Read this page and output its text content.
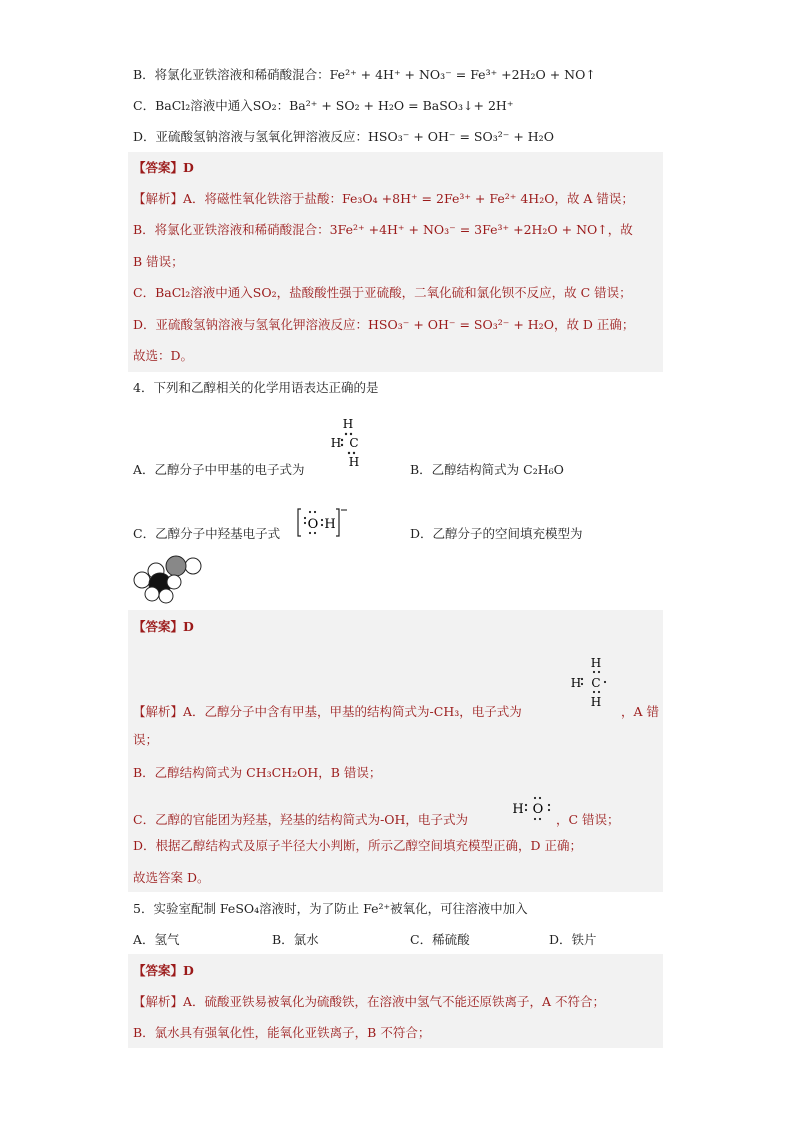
B．将氯化亚铁溶液和稀硝酸混合：Fe²⁺ + 4H⁺ + NO₃⁻ = Fe³⁺ +2H₂O + NO↑
C．BaCl₂溶液中通入SO₂：Ba²⁺ + SO₂ + H₂O = BaSO₃↓+ 2H⁺
D．亚硫酸氢钠溶液与氢氧化钾溶液反应：HSO₃⁻ + OH⁻ = SO₃²⁻ + H₂O
【答案】D
【解析】A．将磁性氧化铁溶于盐酸：Fe₃O₄ +8H⁺ = 2Fe³⁺ + Fe²⁺ 4H₂O，故 A 错误；
B．将氯化亚铁溶液和稀硝酸混合：3Fe²⁺ +4H⁺ + NO₃⁻ = 3Fe³⁺ +2H₂O + NO↑，故
B 错误；
C．BaCl₂溶液中通入SO₂，盐酸酸性强于亚硫酸，二氧化硫和氯化钡不反应，故 C 错误；
D．亚硫酸氢钠溶液与氢氧化钾溶液反应：HSO₃⁻ + OH⁻ = SO₃²⁻ + H₂O，故 D 正确；
故选：D。
4．下列和乙醇相关的化学用语表达正确的是
H
H C
H
A．乙醇分子中甲基的电子式为	B．乙醇结构简式为 C₂H₆O
C．乙醇分子中羟基电子式
O H
D．乙醇分子的空间填充模型为
【答案】D
H
H C
H
【解析】A．乙醇分子中含有甲基，甲基的结构简式为-CH₃，电子式为	，A 错
误；
B．乙醇结构简式为 CH₃CH₂OH，B 错误；
H O
C．乙醇的官能团为羟基，羟基的结构简式为-OH，电子式为	，C 错误；
D．根据乙醇结构式及原子半径大小判断，所示乙醇空间填充模型正确，D 正确；
故选答案 D。
5．实验室配制 FeSO₄溶液时，为了防止 Fe²⁺被氧化，可往溶液中加入
A．氢气	B．氯水	C．稀硫酸	D．铁片
【答案】D
【解析】A．硫酸亚铁易被氧化为硫酸铁，在溶液中氢气不能还原铁离子，A 不符合；
B．氯水具有强氧化性，能氧化亚铁离子，B 不符合；
